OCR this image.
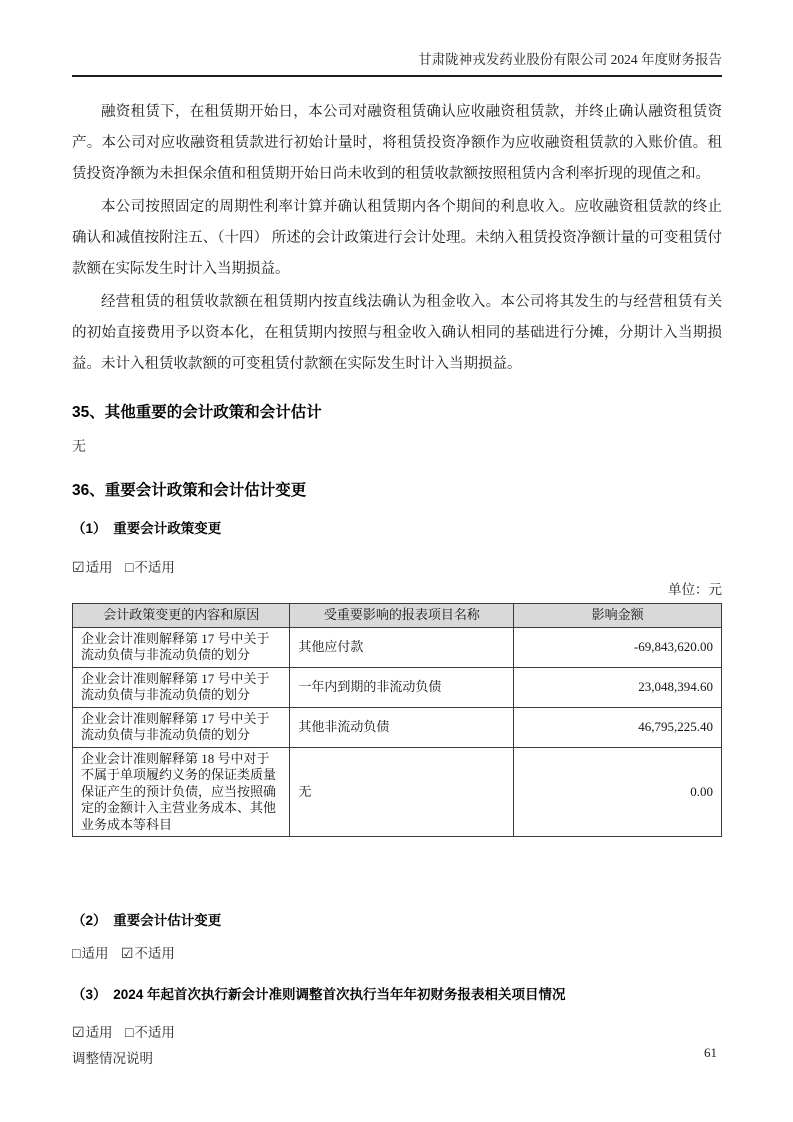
甘肃陇神戎发药业股份有限公司 2024 年度财务报告

融资租赁下，在租赁期开始日，本公司对融资租赁确认应收融资租赁款，并终止确认融资租赁资产。本公司对应收融资租赁款进行初始计量时，将租赁投资净额作为应收融资租赁款的入账价值。租赁投资净额为未担保余值和租赁期开始日尚未收到的租赁收款额按照租赁内含利率折现的现值之和。

本公司按照固定的周期性利率计算并确认租赁期内各个期间的利息收入。应收融资租赁款的终止确认和减值按附注五、（十四） 所述的会计政策进行会计处理。未纳入租赁投资净额计量的可变租赁付款额在实际发生时计入当期损益。

经营租赁的租赁收款额在租赁期内按直线法确认为租金收入。本公司将其发生的与经营租赁有关的初始直接费用予以资本化，在租赁期内按照与租金收入确认相同的基础进行分摊，分期计入当期损益。未计入租赁收款额的可变租赁付款额在实际发生时计入当期损益。

35、其他重要的会计政策和会计估计
无
36、重要会计政策和会计估计变更
（1）　重要会计政策变更
☑适用 □不适用
单位：元
会计政策变更的内容和原因	受重要影响的报表项目名称	影响金额
企业会计准则解释第 17 号中关于流动负债与非流动负债的划分	其他应付款	-69,843,620.00
企业会计准则解释第 17 号中关于流动负债与非流动负债的划分	一年内到期的非流动负债	23,048,394.60
企业会计准则解释第 17 号中关于流动负债与非流动负债的划分	其他非流动负债	46,795,225.40
企业会计准则解释第 18 号中对于不属于单项履约义务的保证类质量保证产生的预计负债，应当按照确定的金额计入主营业务成本、其他业务成本等科目	无	0.00
（2）　重要会计估计变更
□适用 ☑不适用
（3）　2024 年起首次执行新会计准则调整首次执行当年年初财务报表相关项目情况
☑适用 □不适用
调整情况说明	61
